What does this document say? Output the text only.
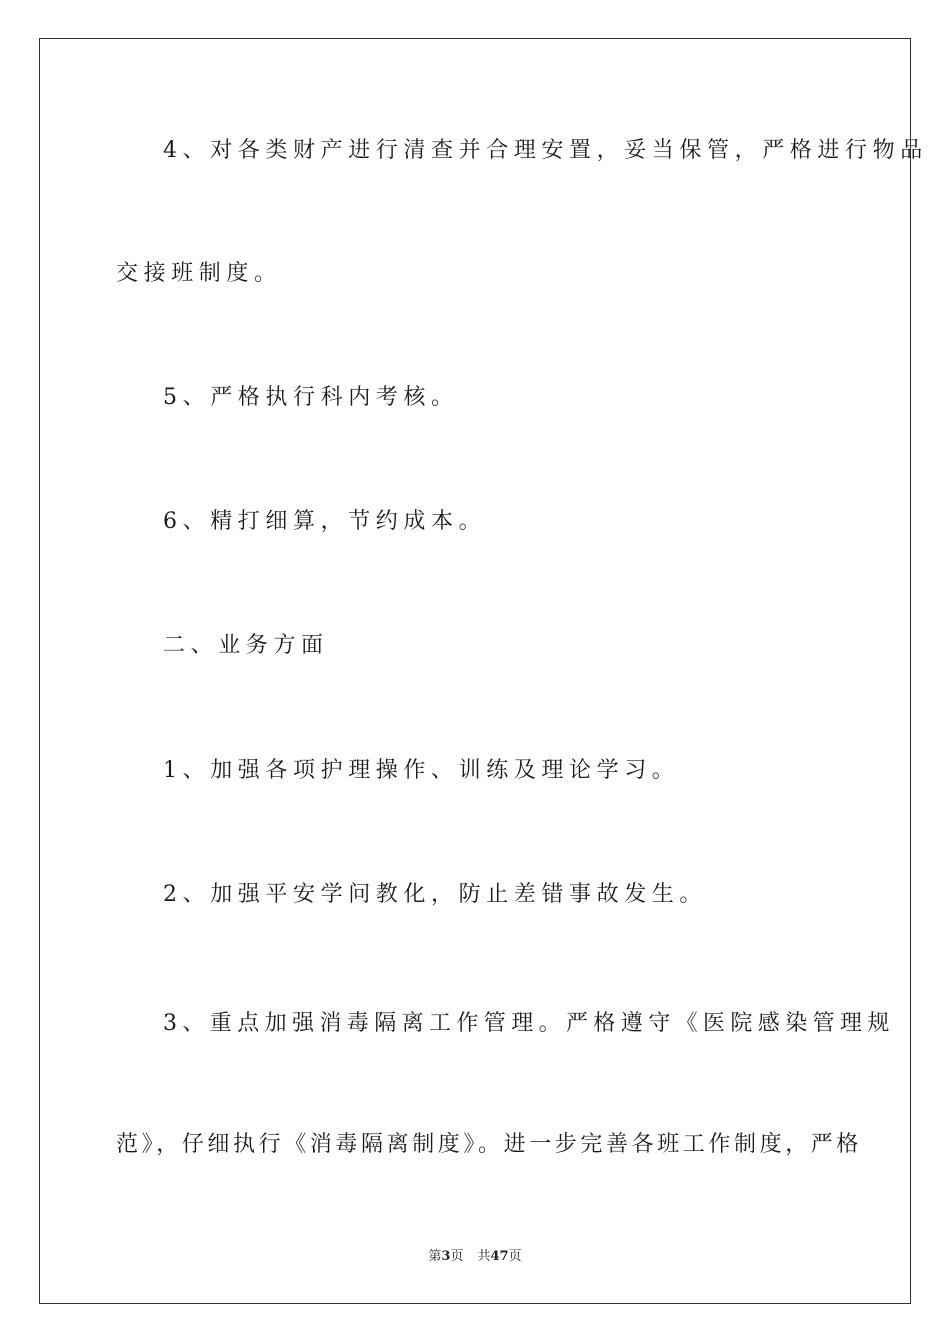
4、对各类财产进行清查并合理安置，妥当保管，严格进行物品
交接班制度。
5、严格执行科内考核。
6、精打细算，节约成本。
二、业务方面
1、加强各项护理操作、训练及理论学习。
2、加强平安学问教化，防止差错事故发生。
3、重点加强消毒隔离工作管理。严格遵守《医院感染管理规
范》，仔细执行《消毒隔离制度》。进一步完善各班工作制度，严格
第3页 共47页
